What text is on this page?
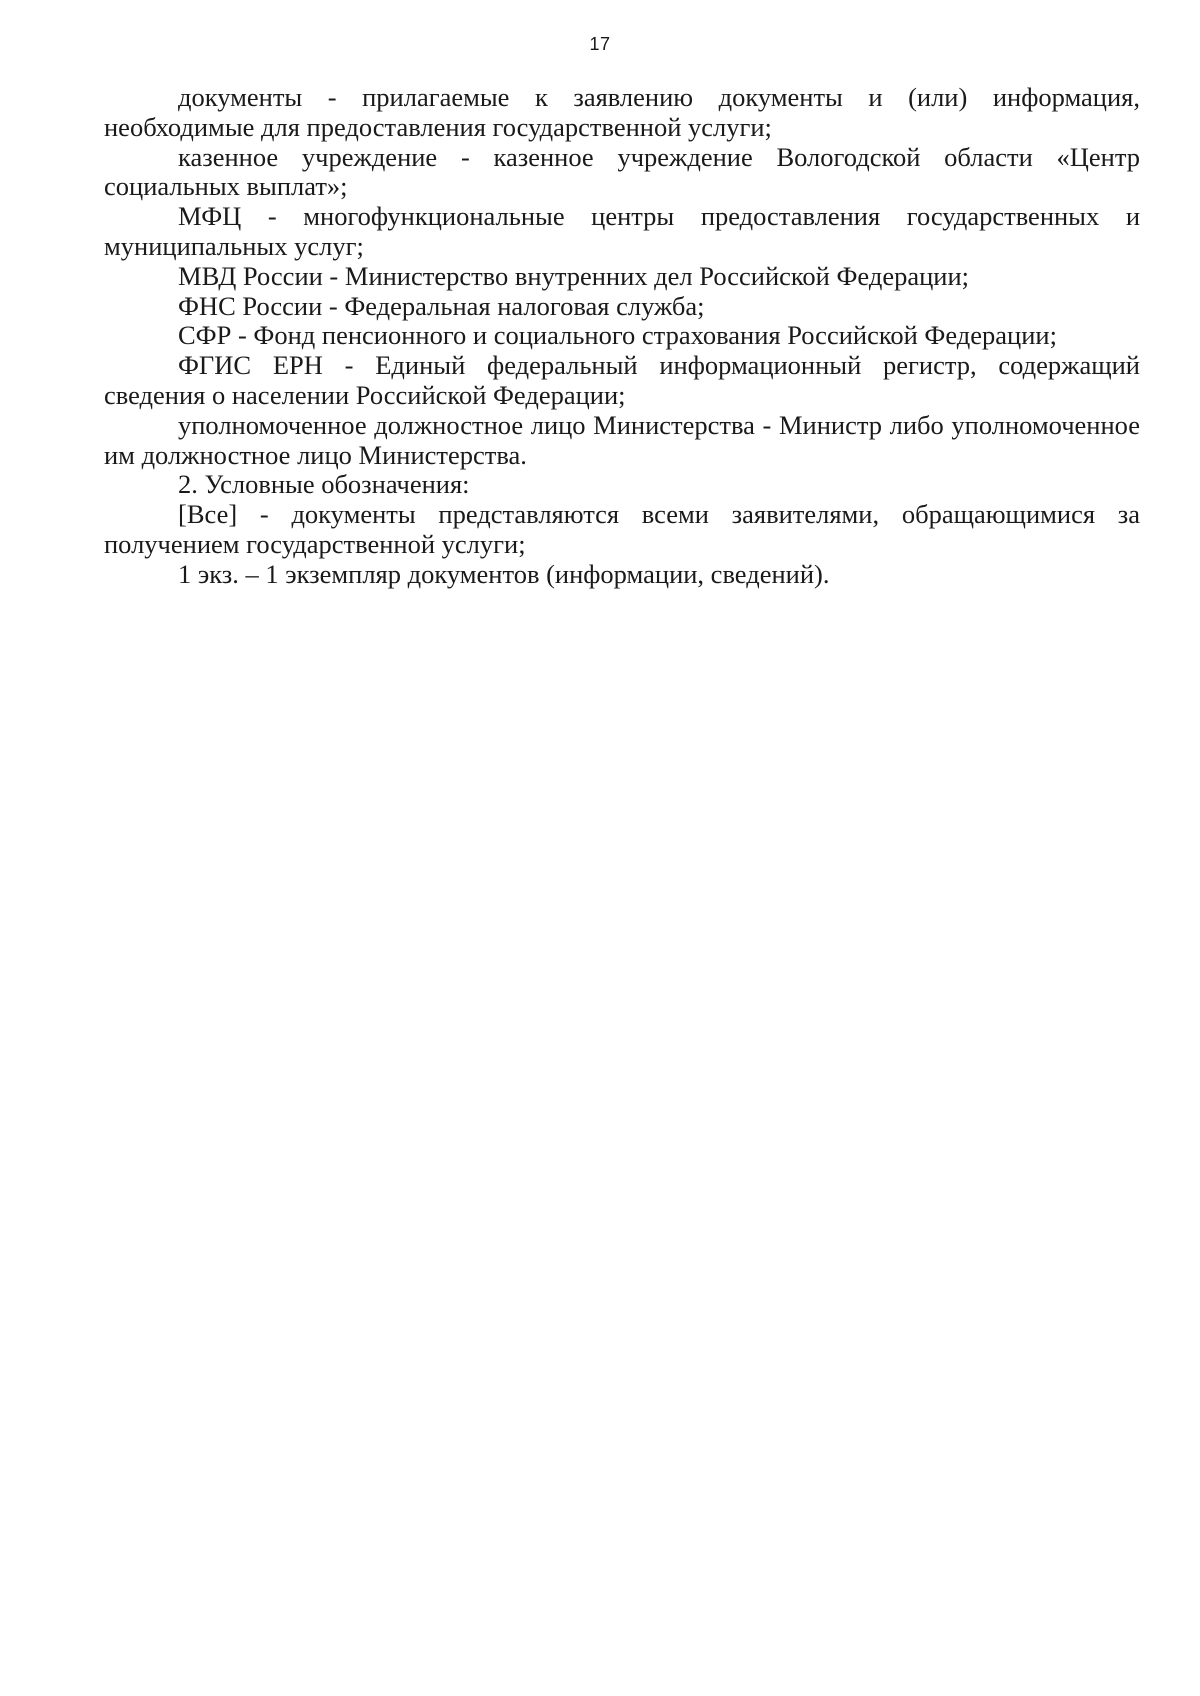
17

документы - прилагаемые к заявлению документы и (или) информация, необходимые для предоставления государственной услуги;

казенное учреждение - казенное учреждение Вологодской области «Центр социальных выплат»;

МФЦ - многофункциональные центры предоставления государственных и муниципальных услуг;

МВД России - Министерство внутренних дел Российской Федерации;

ФНС России - Федеральная налоговая служба;

СФР - Фонд пенсионного и социального страхования Российской Федерации;

ФГИС ЕРН - Единый федеральный информационный регистр, содержащий сведения о населении Российской Федерации;

уполномоченное должностное лицо Министерства - Министр либо уполномоченное им должностное лицо Министерства.

2. Условные обозначения:

[Все] - документы представляются всеми заявителями, обращающимися за получением государственной услуги;

1 экз. – 1 экземпляр документов (информации, сведений).
